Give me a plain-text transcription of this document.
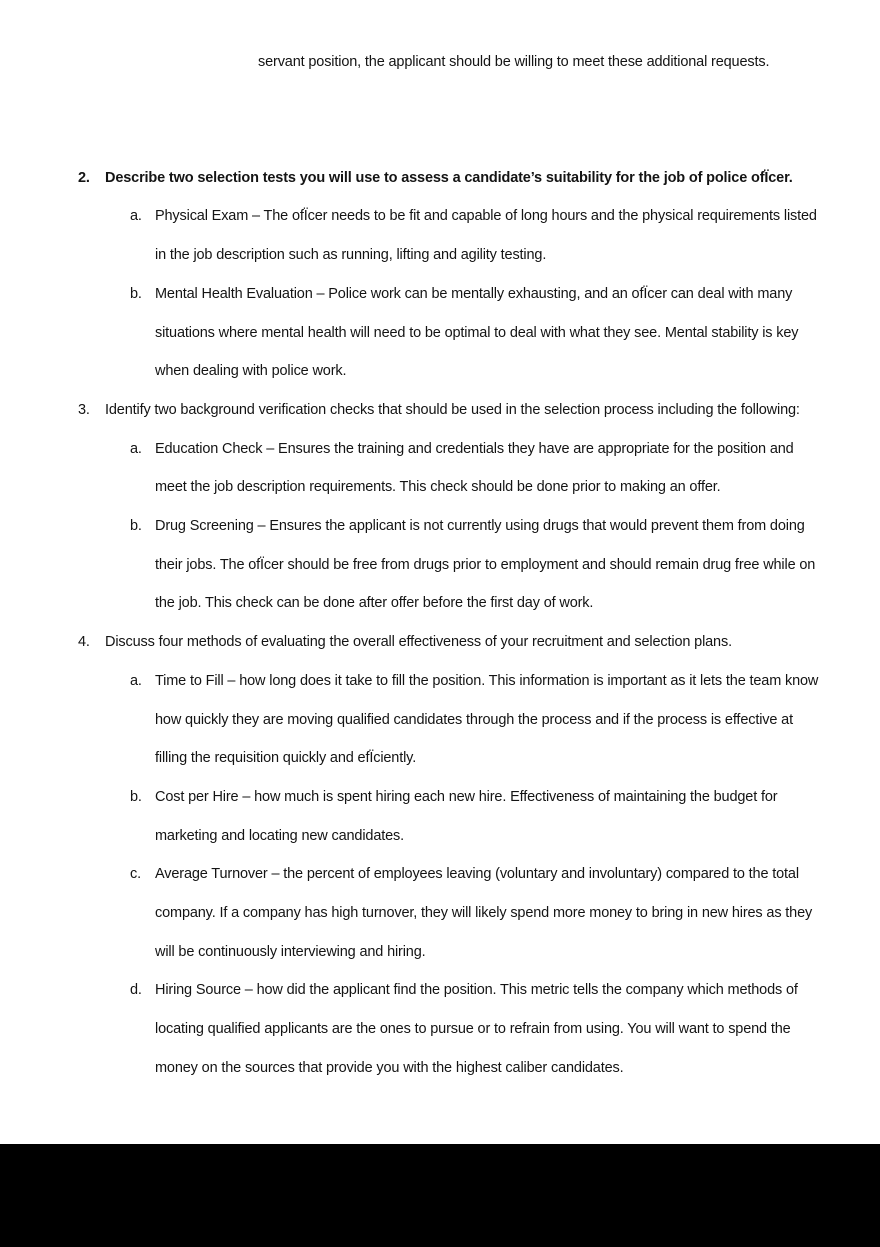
servant position, the applicant should be willing to meet these additional requests.

2.	Describe two selection tests you will use to assess a candidate’s suitability for the job of police ofÏcer.
a. Physical Exam – The ofÏcer needs to be fit and capable of long hours and the physical requirements listed in the job description such as running, lifting and agility testing.
b. Mental Health Evaluation – Police work can be mentally exhausting, and an ofÏcer can deal with many situations where mental health will need to be optimal to deal with what they see. Mental stability is key when dealing with police work.
3.	Identify two background verification checks that should be used in the selection process including the following:
a. Education Check – Ensures the training and credentials they have are appropriate for the position and meet the job description requirements. This check should be done prior to making an offer.
b. Drug Screening – Ensures the applicant is not currently using drugs that would prevent them from doing their jobs. The ofÏcer should be free from drugs prior to employment and should remain drug free while on the job. This check can be done after offer before the first day of work.
4.	Discuss four methods of evaluating the overall effectiveness of your recruitment and selection plans.
a. Time to Fill – how long does it take to fill the position. This information is important as it lets the team know how quickly they are moving qualified candidates through the process and if the process is effective at filling the requisition quickly and efÏciently.
b. Cost per Hire – how much is spent hiring each new hire. Effectiveness of maintaining the budget for marketing and locating new candidates.
c. Average Turnover – the percent of employees leaving (voluntary and involuntary) compared to the total company. If a company has high turnover, they will likely spend more money to bring in new hires as they will be continuously interviewing and hiring.
d. Hiring Source – how did the applicant find the position. This metric tells the company which methods of locating qualified applicants are the ones to pursue or to refrain from using. You will want to spend the money on the sources that provide you with the highest caliber candidates.
